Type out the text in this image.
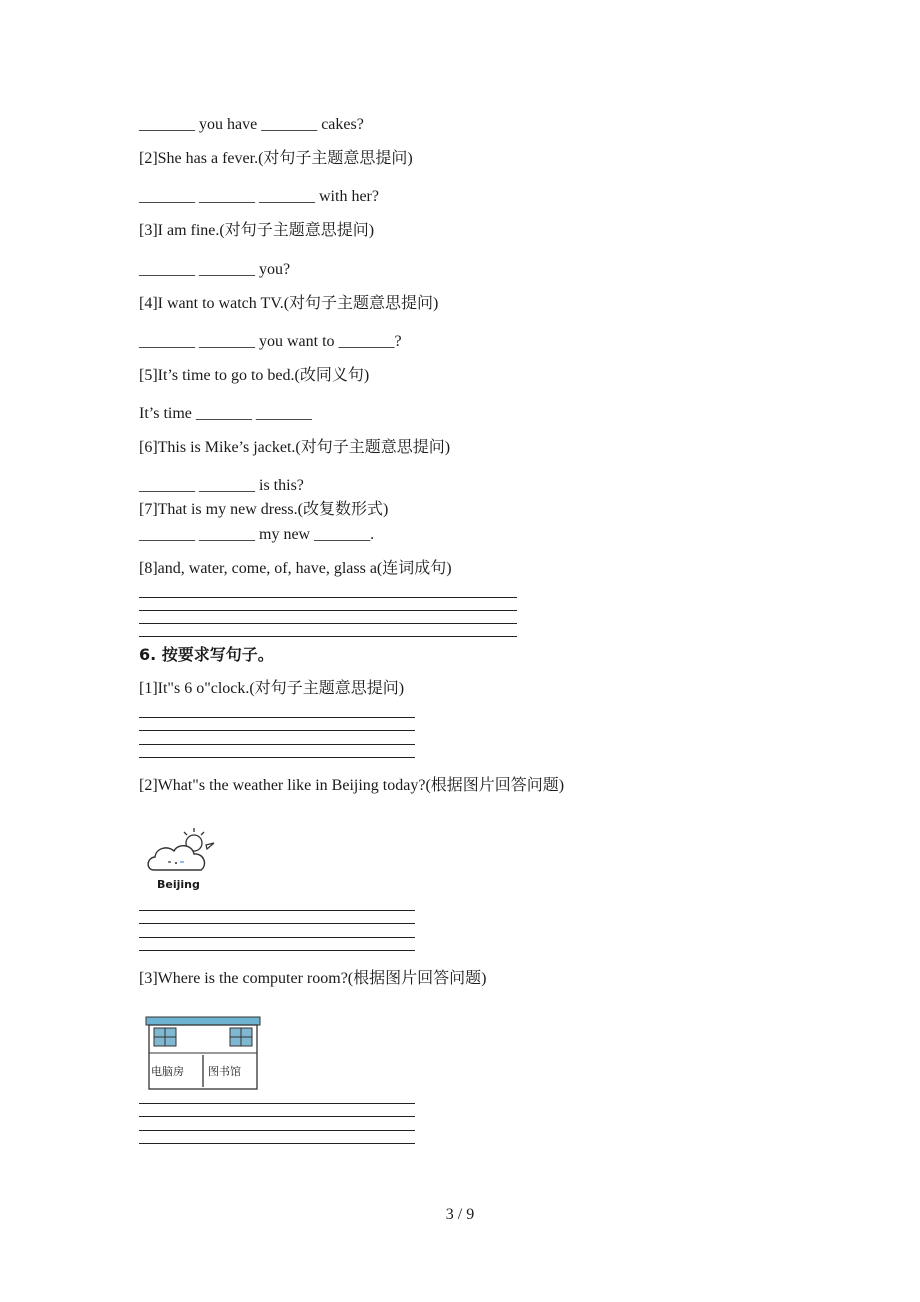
_______ you have _______ cakes?
[2]She has a fever.(对句子主题意思提问)
_______ _______ _______ with her?
[3]I am fine.(对句子主题意思提问)
_______ _______ you?
[4]I want to watch TV.(对句子主题意思提问)
_______ _______ you want to _______?
[5]It’s time to go to bed.(改同义句)
It’s time _______ _______
[6]This is Mike’s jacket.(对句子主题意思提问)
_______ _______ is this?
[7]That is my new dress.(改复数形式)
_______ _______ my new _______.
[8]and, water, come, of, have, glass a(连词成句)
6. 按要求写句子。
[1]It"s 6 o"clock.(对句子主题意思提问)
[2]What"s the weather like in Beijing today?(根据图片回答问题)
Beijing
[3]Where is the computer room?(根据图片回答问题)
电脑房 图书馆
3 / 9
